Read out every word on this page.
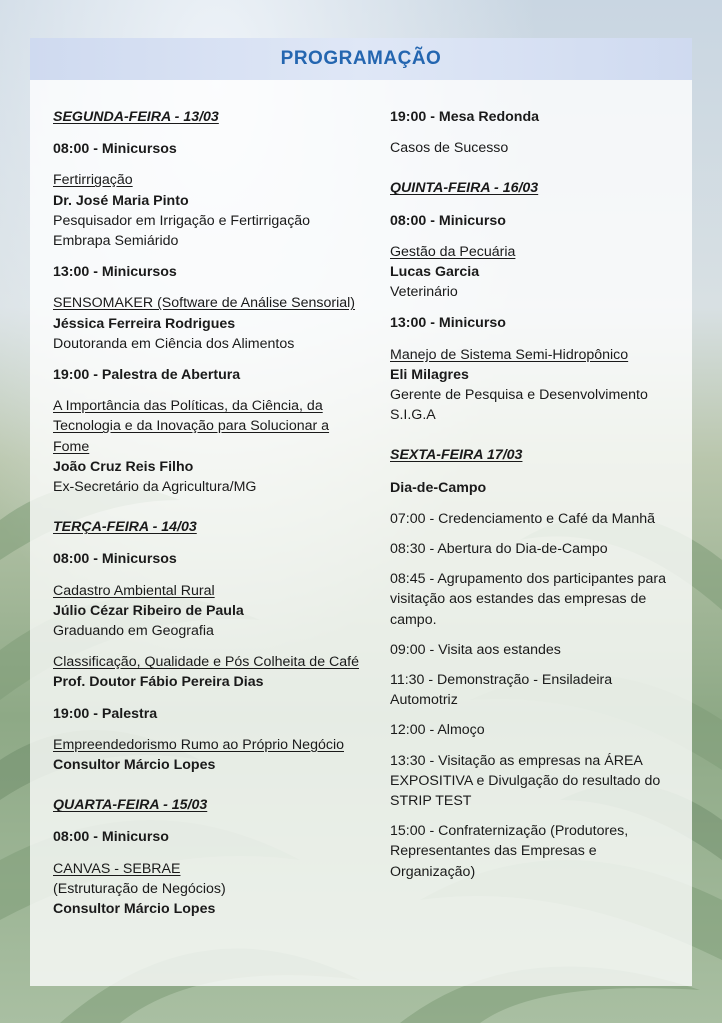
PROGRAMAÇÃO
SEGUNDA-FEIRA - 13/03
08:00 - Minicursos
Fertirrigação
Dr. José Maria Pinto
Pesquisador em Irrigação e Fertirrigação
Embrapa Semiárido
13:00 - Minicursos
SENSOMAKER (Software de Análise Sensorial)
Jéssica Ferreira Rodrigues
Doutoranda em Ciência dos Alimentos
19:00 - Palestra de Abertura
A Importância das Políticas, da Ciência, da Tecnologia e da Inovação para Solucionar a Fome
João Cruz Reis Filho
Ex-Secretário da Agricultura/MG
TERÇA-FEIRA - 14/03
08:00 - Minicursos
Cadastro Ambiental Rural
Júlio Cézar Ribeiro de Paula
Graduando em Geografia
Classificação, Qualidade e Pós Colheita de Café
Prof. Doutor Fábio Pereira Dias
19:00 - Palestra
Empreendedorismo Rumo ao Próprio Negócio
Consultor Márcio Lopes
QUARTA-FEIRA - 15/03
08:00 - Minicurso
CANVAS - SEBRAE
(Estruturação de Negócios)
Consultor Márcio Lopes
19:00 - Mesa Redonda
Casos de Sucesso
QUINTA-FEIRA - 16/03
08:00 - Minicurso
Gestão da Pecuária
Lucas Garcia
Veterinário
13:00 - Minicurso
Manejo de Sistema Semi-Hidropônico
Eli Milagres
Gerente de Pesquisa e Desenvolvimento
S.I.G.A
SEXTA-FEIRA 17/03
Dia-de-Campo
07:00 - Credenciamento e Café da Manhã
08:30 - Abertura do Dia-de-Campo
08:45 - Agrupamento dos participantes para visitação aos estandes das empresas de campo.
09:00 - Visita aos estandes
11:30 - Demonstração - Ensiladeira Automotriz
12:00 - Almoço
13:30 - Visitação as empresas na ÁREA EXPOSITIVA e Divulgação do resultado do STRIP TEST
15:00 - Confraternização (Produtores, Representantes das Empresas e Organização)
